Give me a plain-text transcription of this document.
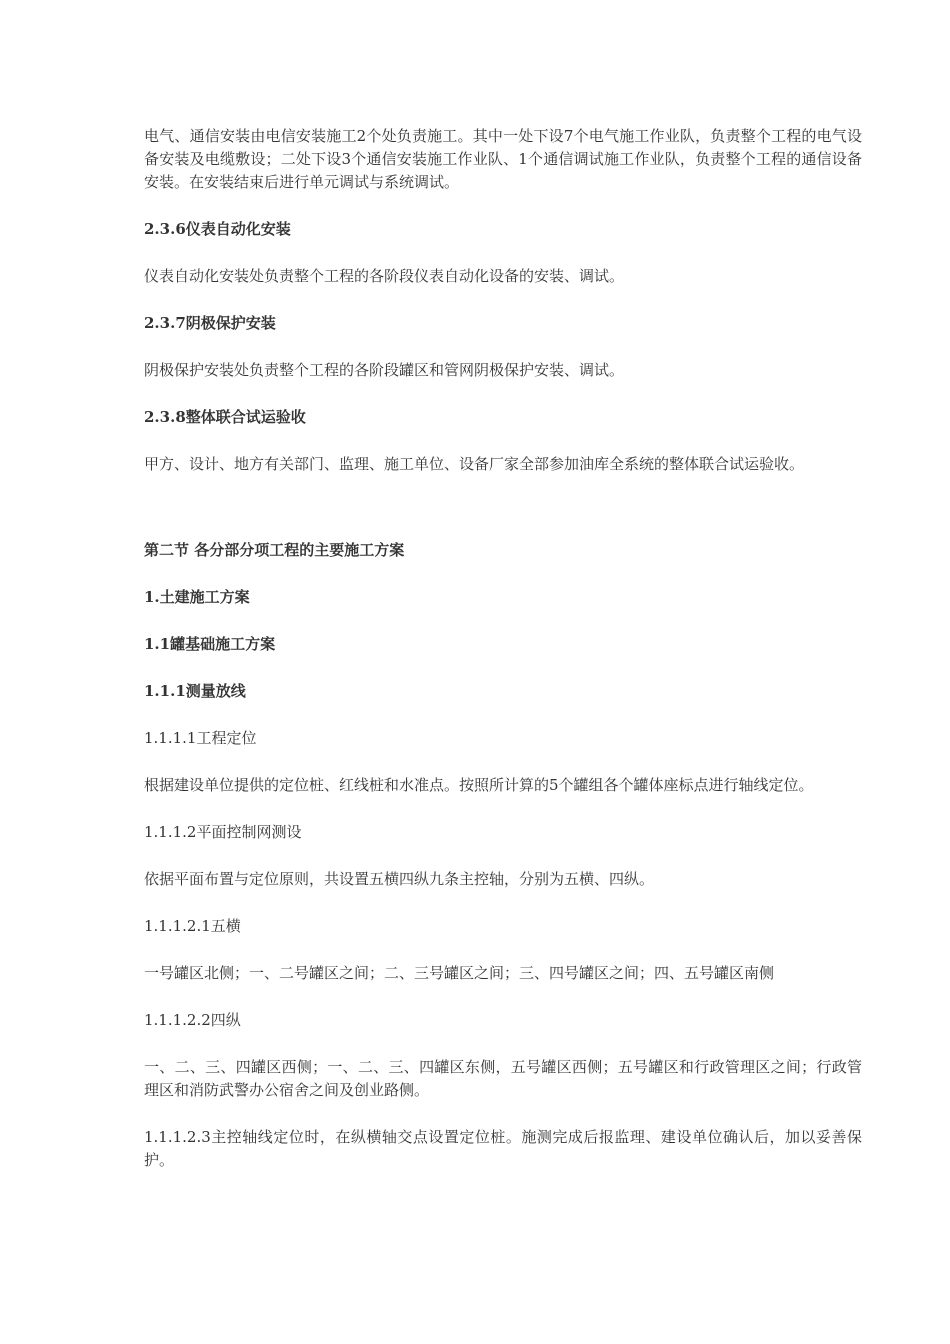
电气、通信安装由电信安装施工2个处负责施工。其中一处下设7个电气施工作业队，负责整个工程的电气设备安装及电缆敷设；二处下设3个通信安装施工作业队、1个通信调试施工作业队，负责整个工程的通信设备安装。在安装结束后进行单元调试与系统调试。

2.3.6仪表自动化安装

仪表自动化安装处负责整个工程的各阶段仪表自动化设备的安装、调试。

2.3.7阴极保护安装

阴极保护安装处负责整个工程的各阶段罐区和管网阴极保护安装、调试。

2.3.8整体联合试运验收

甲方、设计、地方有关部门、监理、施工单位、设备厂家全部参加油库全系统的整体联合试运验收。

第二节 各分部分项工程的主要施工方案

1.土建施工方案

1.1罐基础施工方案

1.1.1测量放线

1.1.1.1工程定位

根据建设单位提供的定位桩、红线桩和水准点。按照所计算的5个罐组各个罐体座标点进行轴线定位。

1.1.1.2平面控制网测设

依据平面布置与定位原则，共设置五横四纵九条主控轴，分别为五横、四纵。

1.1.1.2.1五横

一号罐区北侧；一、二号罐区之间；二、三号罐区之间；三、四号罐区之间；四、五号罐区南侧

1.1.1.2.2四纵

一、二、三、四罐区西侧；一、二、三、四罐区东侧，五号罐区西侧；五号罐区和行政管理区之间；行政管理区和消防武警办公宿舍之间及创业路侧。

1.1.1.2.3主控轴线定位时，在纵横轴交点设置定位桩。施测完成后报监理、建设单位确认后，加以妥善保护。
